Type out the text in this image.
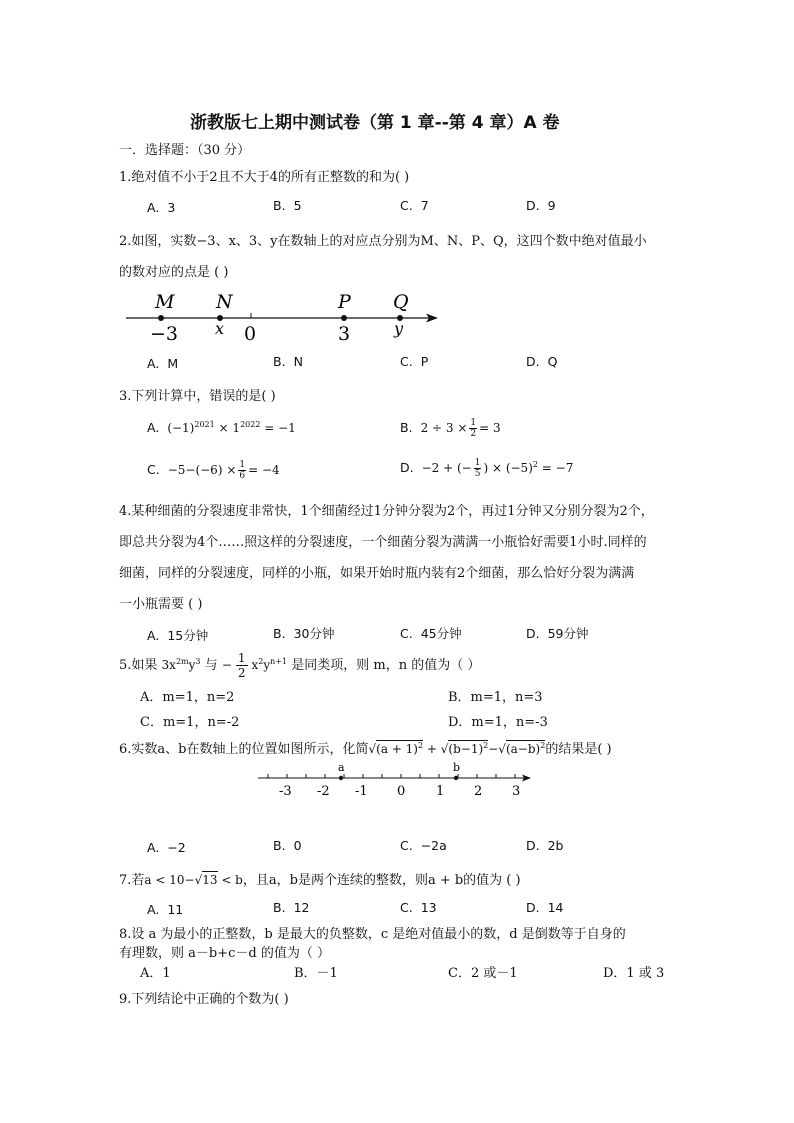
浙教版七上期中测试卷（第 1 章--第 4 章）A 卷
一．选择题：（30 分）
1.绝对值不小于2且不大于4的所有正整数的和为( )
A. 3	B. 5	C. 7	D. 9
2.如图，实数−3、x、3、y在数轴上的对应点分别为M、N、P、Q，这四个数中绝对值最小
的数对应的点是 ( )
M N	P Q
−3 x 0	3	y
A. M	B. N	C. P	D. Q
3.下列计算中，错误的是( )
A. $(-1)^{2021} \times 1^{2022} = -1$	B. $2 \div 3 \times \frac{1}{2} = 3$
C. $-5-(-6) \times \frac{1}{6} = -4$	D. −2 + (− $\frac{1}{5}$ ) × $(-5)^2 = -7$
4.某种细菌的分裂速度非常快，1个细菌经过1分钟分裂为2个，再过1分钟又分别分裂为2个，
即总共分裂为4个……照这样的分裂速度，一个细菌分裂为满满一小瓶恰好需要1小时.同样的
细菌，同样的分裂速度，同样的小瓶，如果开始时瓶内装有2个细菌，那么恰好分裂为满满
一小瓶需要 ( )
A. 15分钟	B. 30分钟	C. 45分钟	D. 59分钟
5.如果 $3x^{2m}y^3$ 与 − $\frac{1}{2} x^2y^{n+1}$ 是同类项，则 m，n 的值为（ ）
A．m=1，n=2	B．m=1，n=3
C．m=1，n=-2	D．m=1，n=-3
6.实数a、b在数轴上的位置如图所示，化简$√(a + 1)^2 + √(b-1)^2-√(a-b)^2$的结果是( )
a	b
-3 -2 -1 0 1 2 3
A. −2	B. 0	C. −2a	D. 2b
7.若a < 10−√13 < b，且a，b是两个连续的整数，则a + b的值为 ( )
A. 11	B. 12	C. 13	D. 14
8.设 a 为最小的正整数，b 是最大的负整数，c 是绝对值最小的数，d 是倒数等于自身的
有理数，则 a－b+c－d 的值为（ ）
A．1	B．－1	C．2 或－1	D．1 或 3
9.下列结论中正确的个数为( )
